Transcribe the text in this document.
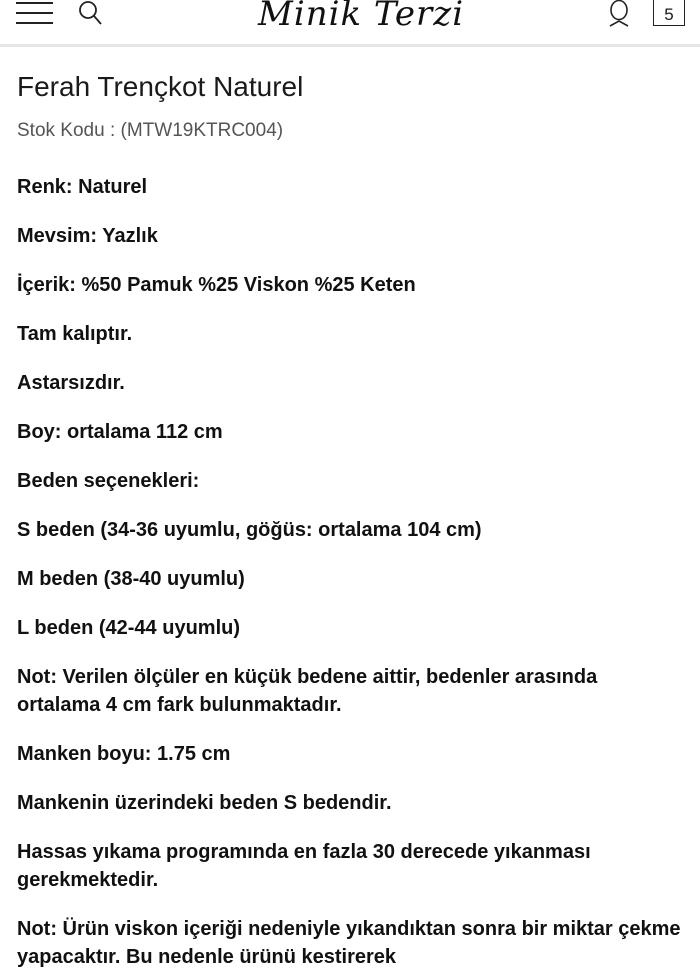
Minik Terzi	5
Ferah Trençkot Naturel
Stok Kodu : (MTW19KTRC004)

Renk: Naturel

Mevsim: Yazlık

İçerik: %50 Pamuk %25 Viskon %25 Keten

Tam kalıptır.

Astarsızdır.

Boy: ortalama 112 cm

Beden seçenekleri:

S beden (34-36 uyumlu, göğüs: ortalama 104 cm)

M beden (38-40 uyumlu)

L beden (42-44 uyumlu)

Not: Verilen ölçüler en küçük bedene aittir, bedenler arasında ortalama 4 cm fark bulunmaktadır.

Manken boyu: 1.75 cm

Mankenin üzerindeki beden S bedendir.

Hassas yıkama programında en fazla 30 derecede yıkanması gerekmektedir.

Not: Ürün viskon içeriği nedeniyle yıkandıktan sonra bir miktar çekme yapacaktır. Bu nedenle ürünü kestirerek
